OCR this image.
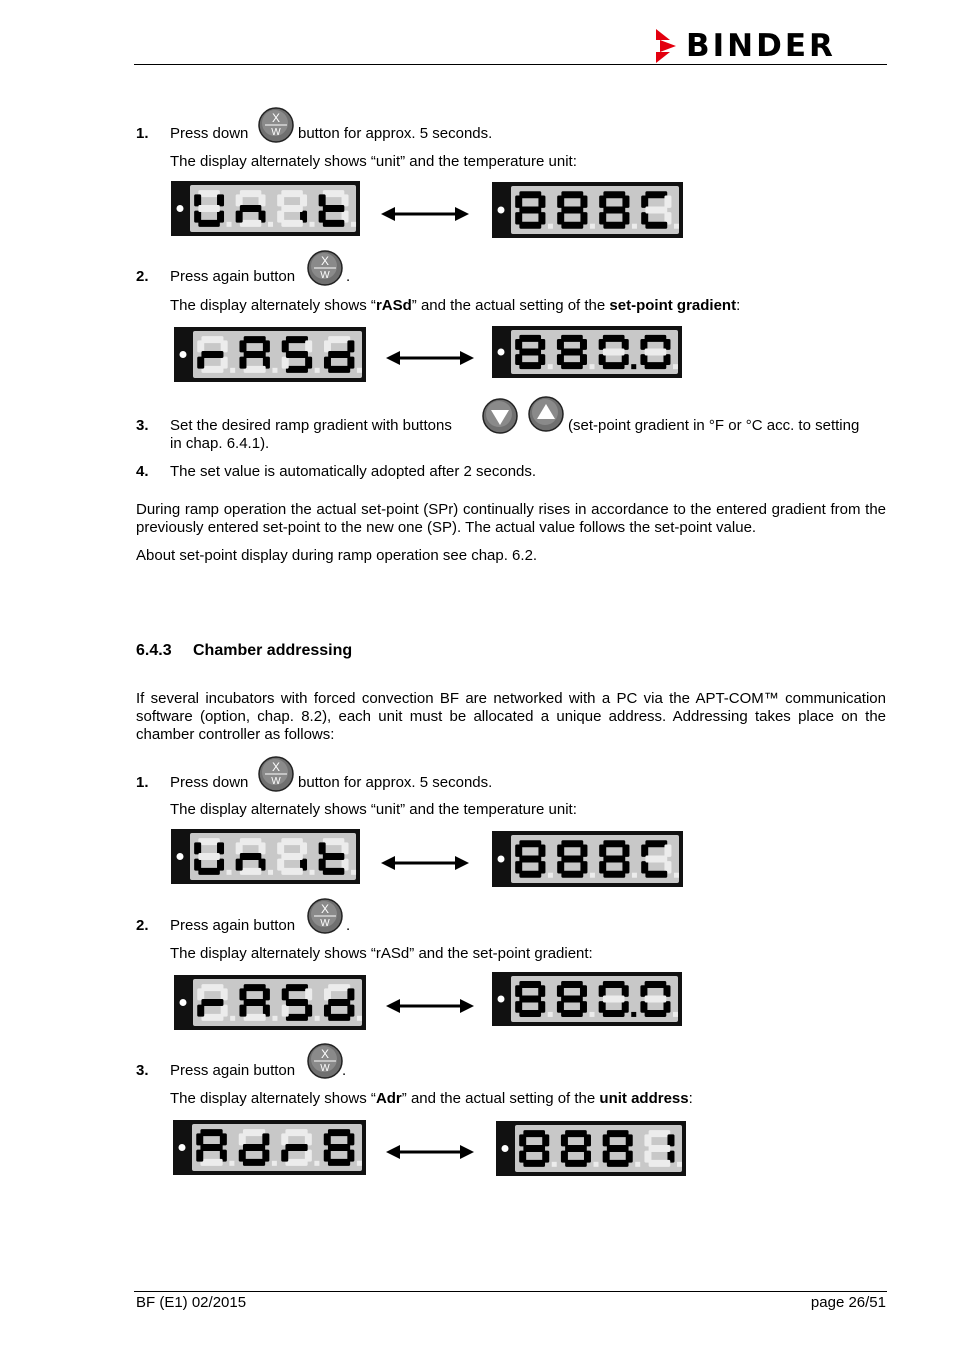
BINDER
1. Press down
X
W button for approx. 5 seconds.
The display alternately shows “unit” and the temperature unit:
2. Press again button
X
W .
The display alternately shows “rASd” and the actual setting of the set-point gradient:
3. Set the desired ramp gradient with buttons	(set-point gradient in °F or °C acc. to setting
in chap. 6.4.1).
4. The set value is automatically adopted after 2 seconds.
During ramp operation the actual set-point (SPr) continually rises in accordance to the entered gradient from the previously entered set-point to the new one (SP). The actual value follows the set-point value.
About set-point display during ramp operation see chap. 6.2.
6.4.3 Chamber addressing
If several incubators with forced convection BF are networked with a PC via the APT-COM™ communication software (option, chap. 8.2), each unit must be allocated a unique address. Addressing takes place on the chamber controller as follows:
1. Press down
X
W button for approx. 5 seconds.
The display alternately shows “unit” and the temperature unit:
2. Press again button
X
W .
The display alternately shows “rASd” and the set-point gradient:
3. Press again button
X
W .
The display alternately shows “Adr” and the actual setting of the unit address:
BF (E1) 02/2015	page 26/51
